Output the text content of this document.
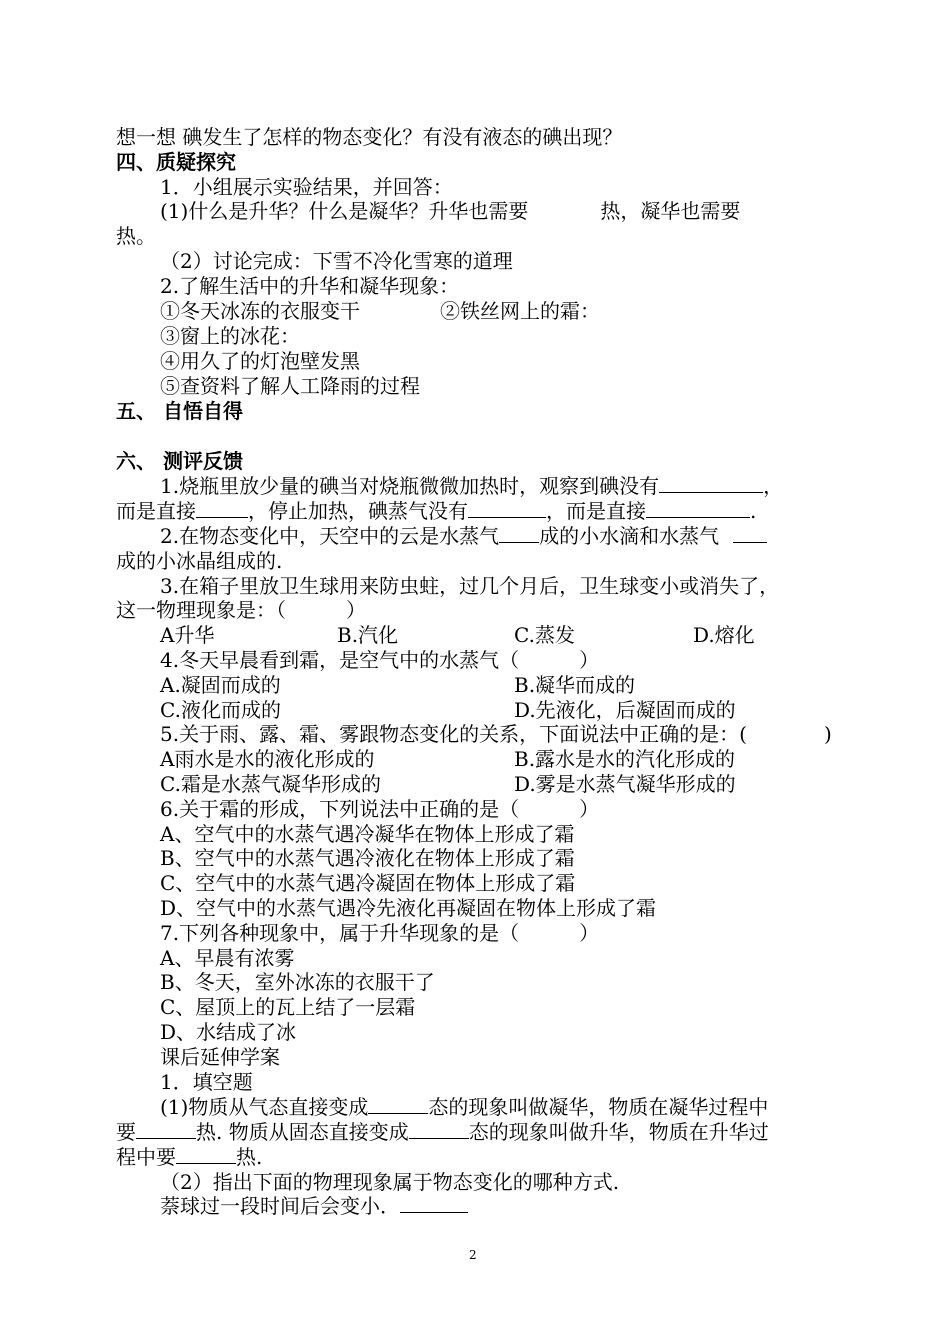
想一想 碘发生了怎样的物态变化？有没有液态的碘出现？
四、质疑探究
1．小组展示实验结果，并回答：
(1)什么是升华？什么是凝华？升华也需要	热，凝华也需要
热。
（2）讨论完成：下雪不冷化雪寒的道理
2.了解生活中的升华和凝华现象：
①冬天冰冻的衣服变干	②铁丝网上的霜：
③窗上的冰花：
④用久了的灯泡壁发黑
⑤查资料了解人工降雨的过程
五、 自悟自得
六、 测评反馈
1.烧瓶里放少量的碘当对烧瓶微微加热时，观察到碘没有	，
而是直接	，停止加热，碘蒸气没有	，而是直接	.
2.在物态变化中，天空中的云是水蒸气 成的小水滴和水蒸气
成的小冰晶组成的.
3.在箱子里放卫生球用来防虫蛀，过几个月后，卫生球变小或消失了，
这一物理现象是：（　　　）
A升华	B.汽化	C.蒸发	D.熔化
4.冬天早晨看到霜，是空气中的水蒸气（　　　）
A.凝固而成的	B.凝华而成的
C.液化而成的	D.先液化，后凝固而成的
5.关于雨、露、霜、雾跟物态变化的关系，下面说法中正确的是：(	)
A雨水是水的液化形成的	B.露水是水的汽化形成的
C.霜是水蒸气凝华形成的	D.雾是水蒸气凝华形成的
6.关于霜的形成，下列说法中正确的是（　　　）
A、空气中的水蒸气遇冷凝华在物体上形成了霜
B、空气中的水蒸气遇冷液化在物体上形成了霜
C、空气中的水蒸气遇冷凝固在物体上形成了霜
D、空气中的水蒸气遇冷先液化再凝固在物体上形成了霜
7.下列各种现象中，属于升华现象的是（　　　）
A、早晨有浓雾
B、冬天，室外冰冻的衣服干了
C、屋顶上的瓦上结了一层霜
D、水结成了冰
课后延伸学案
1．填空题
(1)物质从气态直接变成	态的现象叫做凝华，物质在凝华过程中
要	热. 物质从固态直接变成	态的现象叫做升华，物质在升华过
程中要	热.
（2）指出下面的物理现象属于物态变化的哪种方式.
萘球过一段时间后会变小．
2
